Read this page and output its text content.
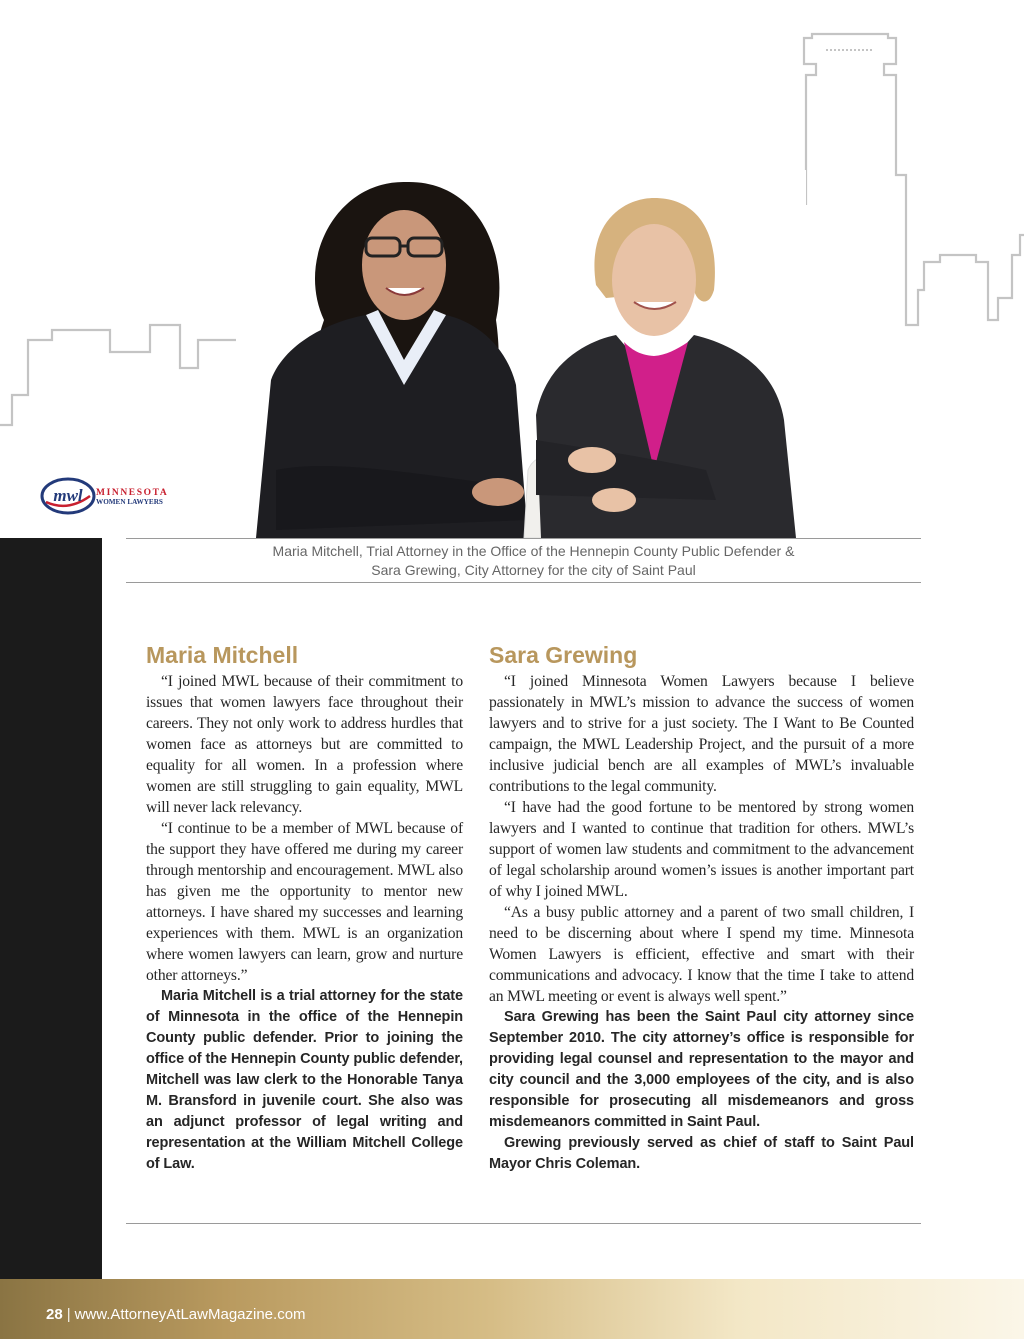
mwl MINNESOTA
WOMEN LAWYERS
Maria Mitchell, Trial Attorney in the Office of the Hennepin County Public Defender &
Sara Grewing, City Attorney for the city of Saint Paul
Maria Mitchell

“I joined MWL because of their commitment to issues that women lawyers face throughout their careers. They not only work to address hurdles that women face as attorneys but are committed to equality for all women. In a profession where women are still struggling to gain equality, MWL will never lack relevancy.

“I continue to be a member of MWL because of the support they have offered me during my career through mentorship and encouragement. MWL also has given me the opportunity to mentor new attorneys. I have shared my successes and learning experiences with them. MWL is an organization where women lawyers can learn, grow and nurture other attorneys.”

Maria Mitchell is a trial attorney for the state of Minnesota in the office of the Hennepin County public defender. Prior to joining the office of the Hennepin County public defender, Mitchell was law clerk to the Honorable Tanya M. Bransford in juvenile court. She also was an adjunct professor of legal writing and representation at the William Mitchell College of Law.

Sara Grewing

“I joined Minnesota Women Lawyers because I believe passionately in MWL’s mission to advance the success of women lawyers and to strive for a just society. The I Want to Be Counted campaign, the MWL Leadership Project, and the pursuit of a more inclusive judicial bench are all examples of MWL’s invaluable contributions to the legal community.

“I have had the good fortune to be mentored by strong women lawyers and I wanted to continue that tradition for others. MWL’s support of women law students and commitment to the advancement of legal scholarship around women’s issues is another important part of why I joined MWL.

“As a busy public attorney and a parent of two small children, I need to be discerning about where I spend my time. Minnesota Women Lawyers is efficient, effective and smart with their communications and advocacy. I know that the time I take to attend an MWL meeting or event is always well spent.”

Sara Grewing has been the Saint Paul city attorney since September 2010. The city attorney’s office is responsible for providing legal counsel and representation to the mayor and city council and the 3,000 employees of the city, and is also responsible for prosecuting all misdemeanors and gross misdemeanors committed in Saint Paul.

Grewing previously served as chief of staff to Saint Paul Mayor Chris Coleman.

28 | www.AttorneyAtLawMagazine.com
